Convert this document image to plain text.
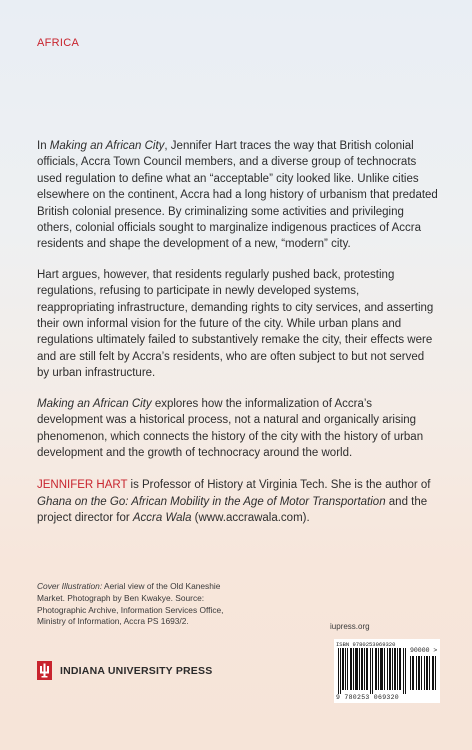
AFRICA

In Making an African City, Jennifer Hart traces the way that British colonial officials, Accra Town Council members, and a diverse group of technocrats used regulation to define what an “acceptable” city looked like. Unlike cities elsewhere on the continent, Accra had a long history of urbanism that predated British colonial presence. By criminalizing some activities and privileging others, colonial officials sought to marginalize indigenous practices of Accra residents and shape the development of a new, “modern” city.

Hart argues, however, that residents regularly pushed back, protesting regulations, refusing to participate in newly developed systems, reappropriating infrastructure, demanding rights to city services, and asserting their own informal vision for the future of the city. While urban plans and regulations ultimately failed to substantively remake the city, their effects were and are still felt by Accra’s residents, who are often subject to but not served by urban infrastructure.

Making an African City explores how the informalization of Accra’s development was a historical process, not a natural and organically arising phenomenon, which connects the history of the city with the history of urban development and the growth of technocracy around the world.

JENNIFER HART is Professor of History at Virginia Tech. She is the author of Ghana on the Go: African Mobility in the Age of Motor Transportation and the project director for Accra Wala (www.accrawala.com).

Cover Illustration: Aerial view of the Old Kaneshie Market. Photograph by Ben Kwakye. Source: Photographic Archive, Information Services Office, Ministry of Information, Accra PS 1693/2.
iupress.org
ISBN 9780253069320
90000 >
9 780253 069320
INDIANA UNIVERSITY PRESS
